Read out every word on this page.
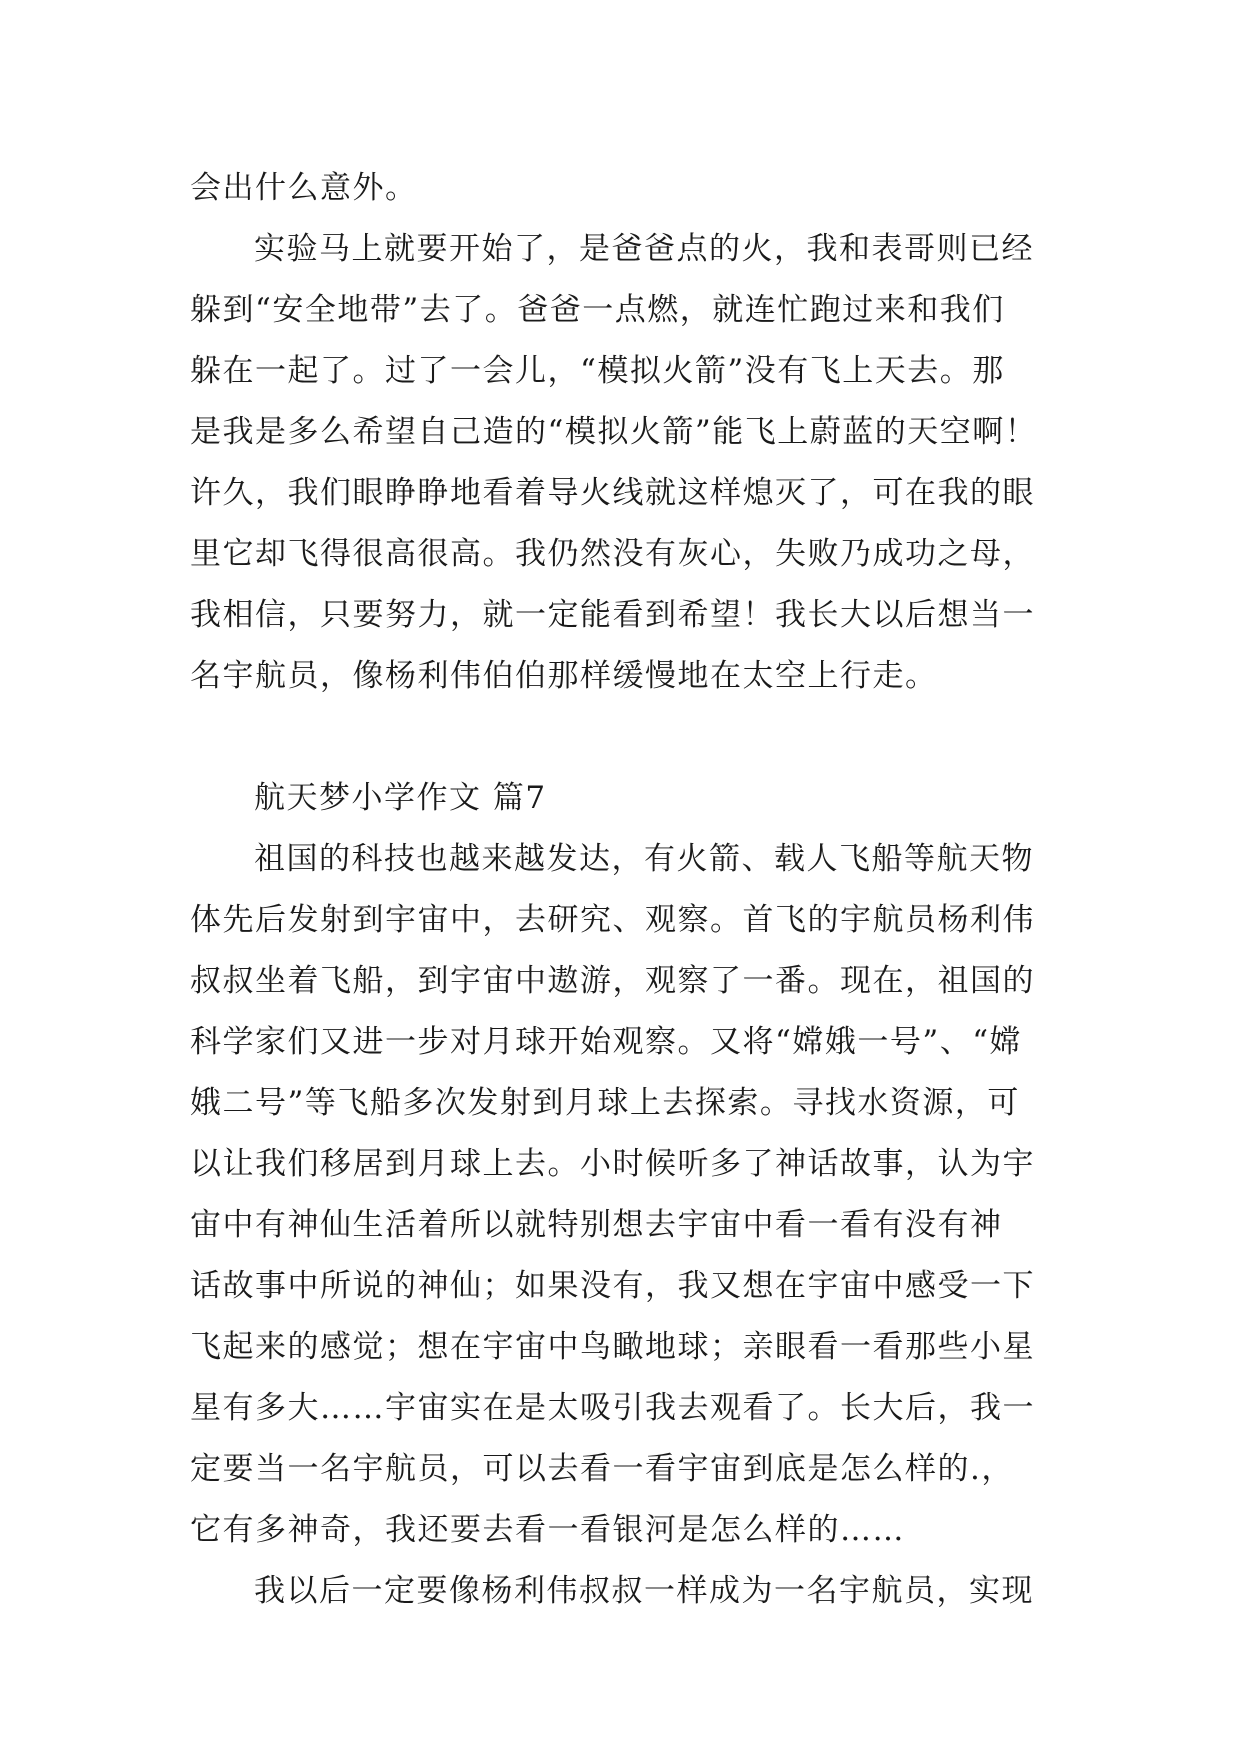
会出什么意外。
实验马上就要开始了，是爸爸点的火，我和表哥则已经
躲到“安全地带”去了。爸爸一点燃，就连忙跑过来和我们
躲在一起了。过了一会儿，“模拟火箭”没有飞上天去。那
是我是多么希望自己造的“模拟火箭”能飞上蔚蓝的天空啊！
许久，我们眼睁睁地看着导火线就这样熄灭了，可在我的眼
里它却飞得很高很高。我仍然没有灰心，失败乃成功之母，
我相信，只要努力，就一定能看到希望！我长大以后想当一
名宇航员，像杨利伟伯伯那样缓慢地在太空上行走。
航天梦小学作文 篇7
祖国的科技也越来越发达，有火箭、载人飞船等航天物
体先后发射到宇宙中，去研究、观察。首飞的宇航员杨利伟
叔叔坐着飞船，到宇宙中遨游，观察了一番。现在，祖国的
科学家们又进一步对月球开始观察。又将“嫦娥一号”、“嫦
娥二号”等飞船多次发射到月球上去探索。寻找水资源，可
以让我们移居到月球上去。小时候听多了神话故事，认为宇
宙中有神仙生活着所以就特别想去宇宙中看一看有没有神
话故事中所说的神仙；如果没有，我又想在宇宙中感受一下
飞起来的感觉；想在宇宙中鸟瞰地球；亲眼看一看那些小星
星有多大……宇宙实在是太吸引我去观看了。长大后，我一
定要当一名宇航员，可以去看一看宇宙到底是怎么样的.，
它有多神奇，我还要去看一看银河是怎么样的……
我以后一定要像杨利伟叔叔一样成为一名宇航员，实现
